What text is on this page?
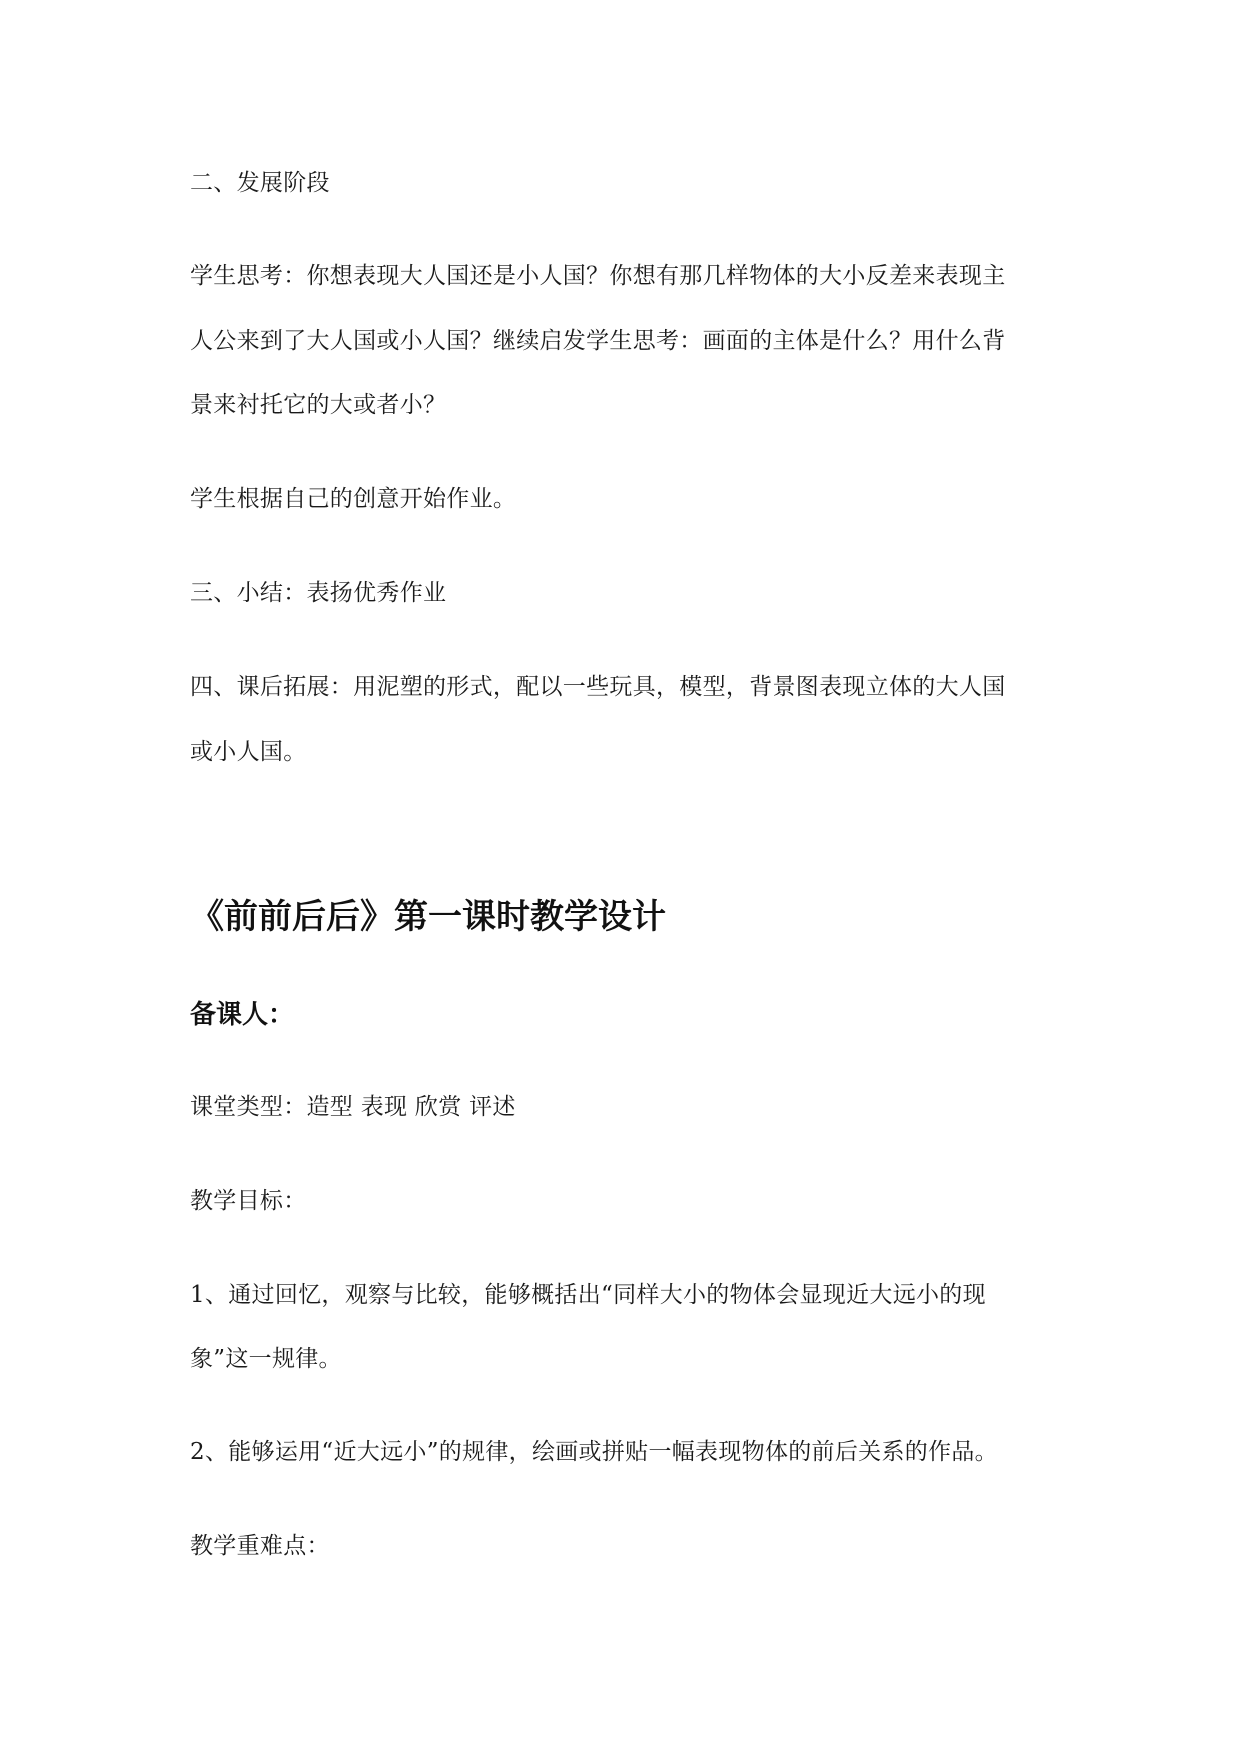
二、发展阶段
学生思考：你想表现大人国还是小人国？你想有那几样物体的大小反差来表现主
人公来到了大人国或小人国？继续启发学生思考：画面的主体是什么？用什么背
景来衬托它的大或者小？
学生根据自己的创意开始作业。
三、小结：表扬优秀作业
四、课后拓展：用泥塑的形式，配以一些玩具，模型，背景图表现立体的大人国
或小人国。
《前前后后》第一课时教学设计
备课人：
课堂类型：造型 表现 欣赏 评述
教学目标：
1、通过回忆，观察与比较，能够概括出“同样大小的物体会显现近大远小的现
象”这一规律。
2、能够运用“近大远小”的规律，绘画或拼贴一幅表现物体的前后关系的作品。
教学重难点：
